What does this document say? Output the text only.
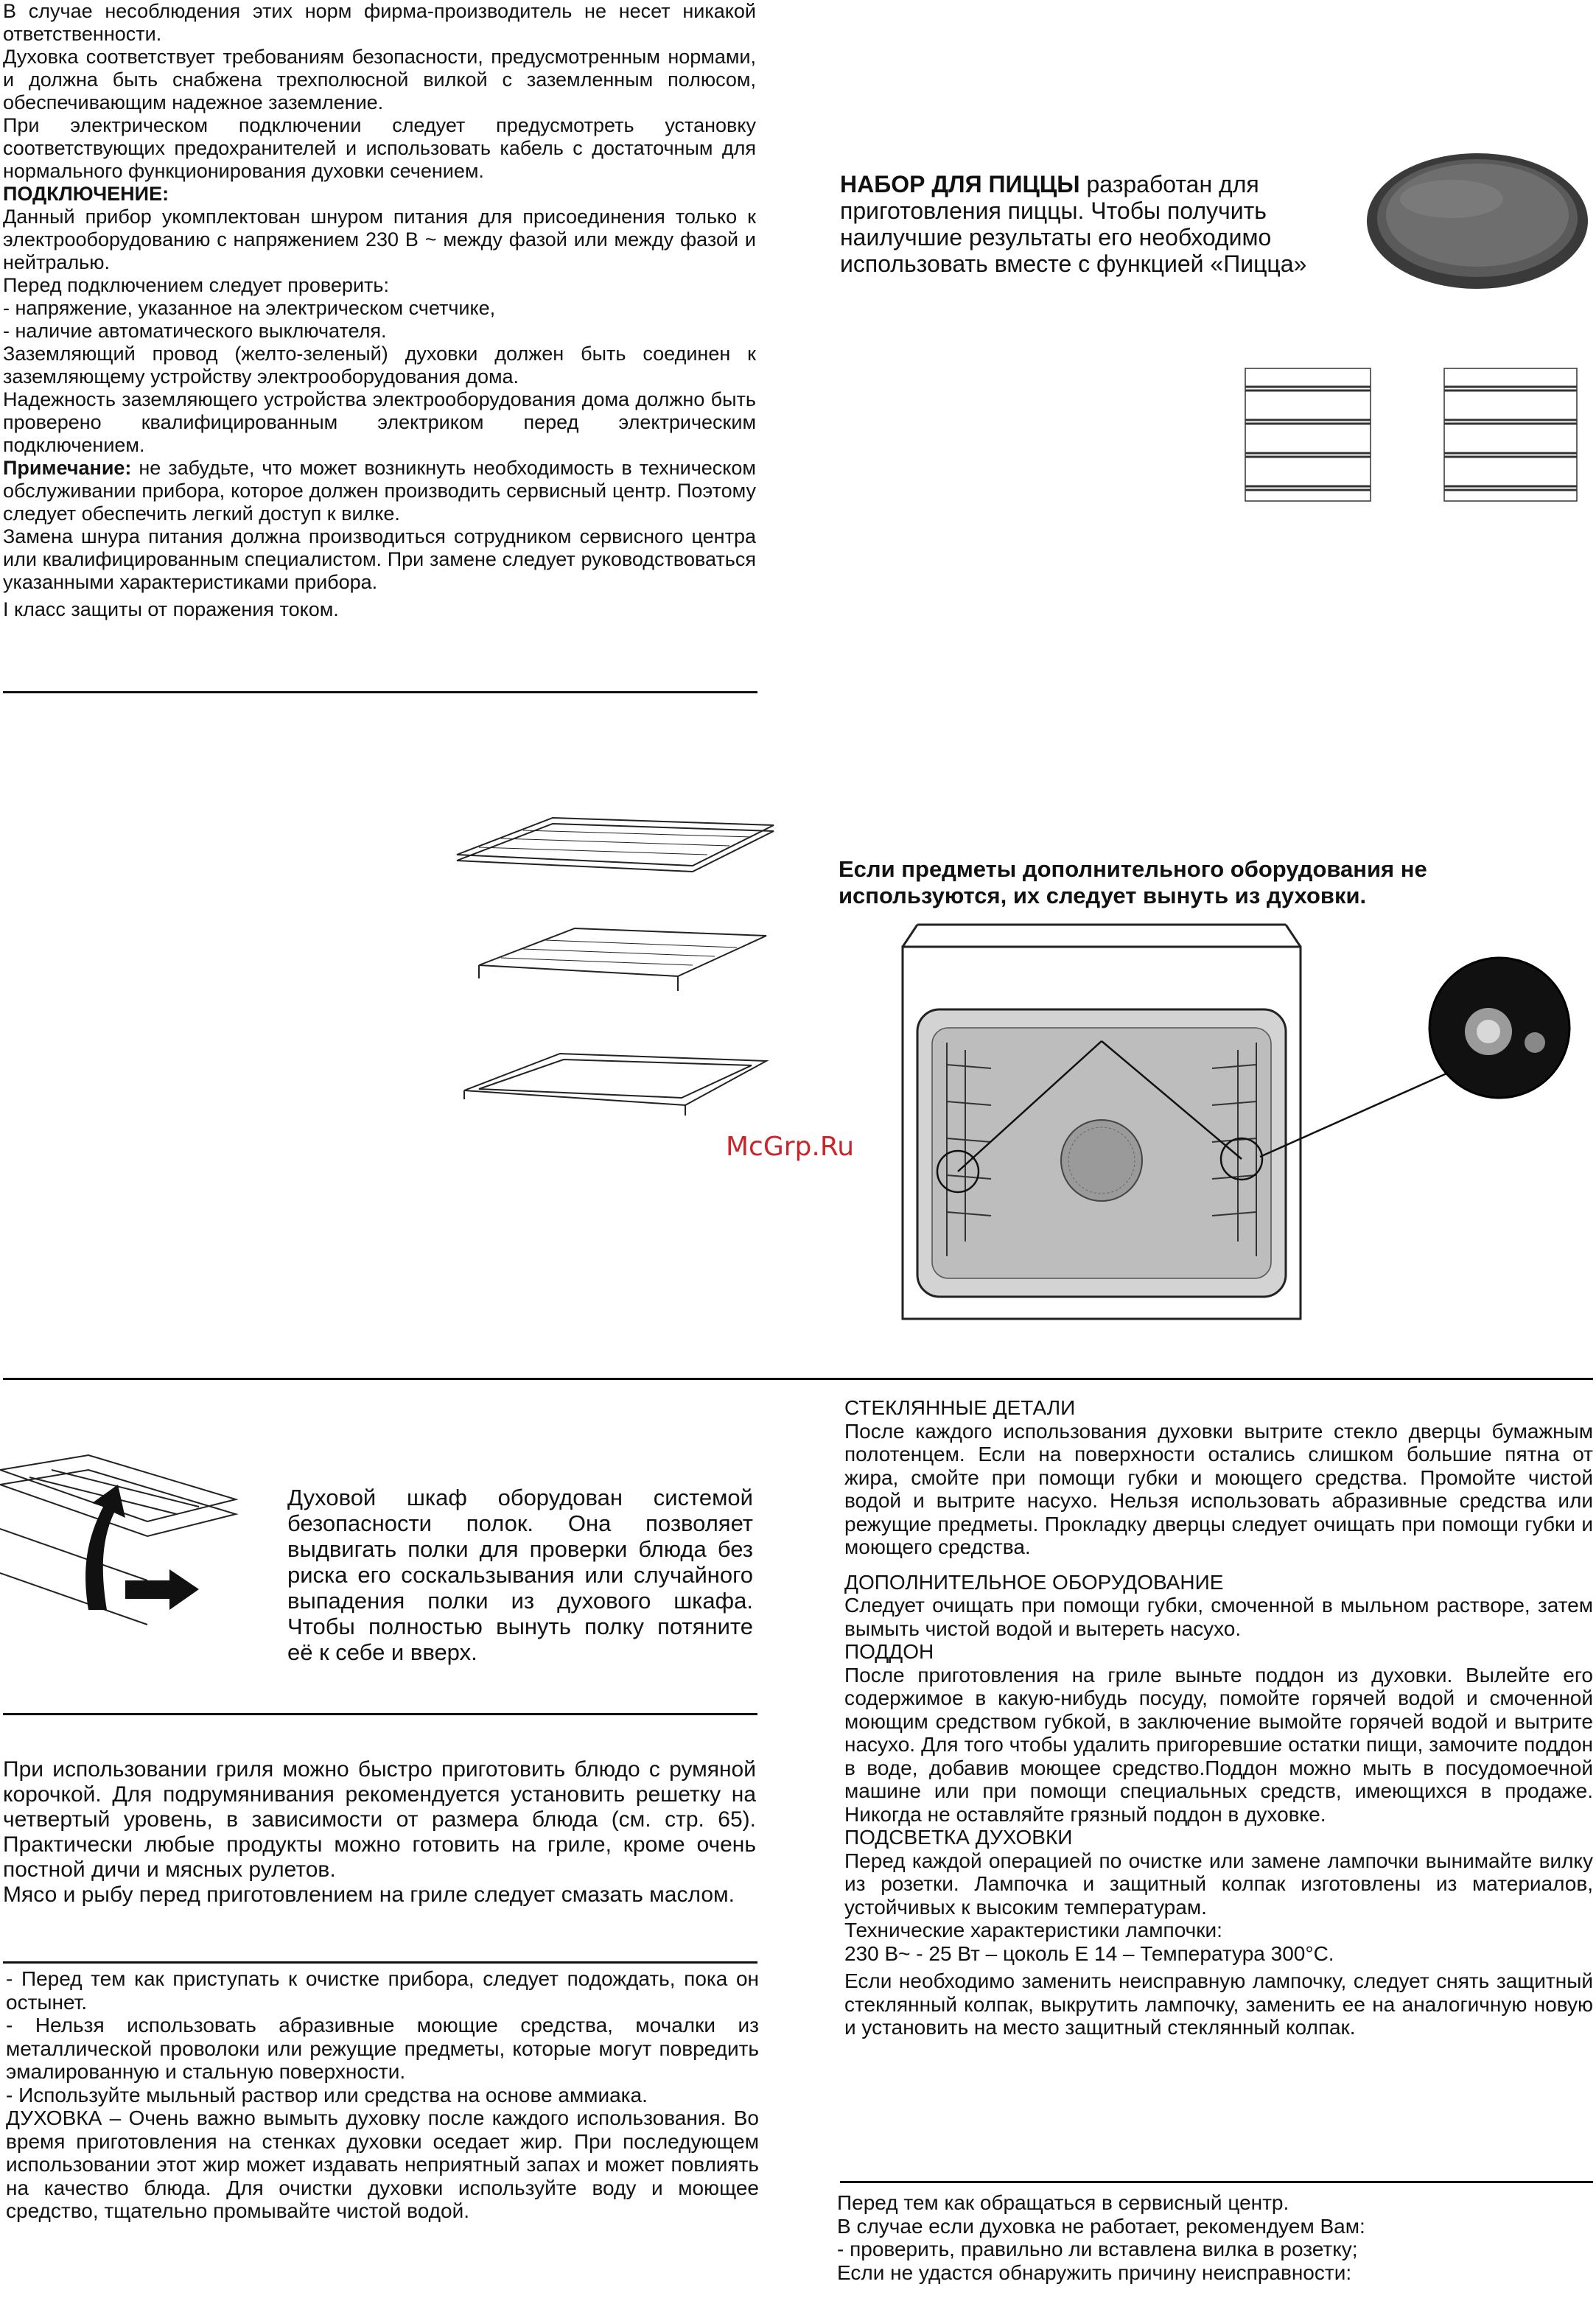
В случае несоблюдения этих норм фирма-производитель не несет никакой ответственности.

Духовка соответствует требованиям безопасности, предусмотренным нормами, и должна быть снабжена трехполюсной вилкой с заземленным полюсом, обеспечивающим надежное заземление.

При электрическом подключении следует предусмотреть установку соответствующих предохранителей и использовать кабель с достаточным для нормального функционирования духовки сечением.

ПОДКЛЮЧЕНИЕ:

Данный прибор укомплектован шнуром питания для присоединения только к электрооборудованию с напряжением 230 В ~ между фазой или между фазой и нейтралью.

Перед подключением следует проверить:

- напряжение, указанное на электрическом счетчике,

- наличие автоматического выключателя.

Заземляющий провод (желто-зеленый) духовки должен быть соединен к заземляющему устройству электрооборудования дома.

Надежность заземляющего устройства электрооборудования дома должно быть проверено квалифицированным электриком перед электрическим подключением.

Примечание: не забудьте, что может возникнуть необходимость в техническом обслуживании прибора, которое должен производить сервисный центр. Поэтому следует обеспечить легкий доступ к вилке.

Замена шнура питания должна производиться сотрудником сервисного центра или квалифицированным специалистом. При замене следует руководствоваться указанными характеристиками прибора.

I класс защиты от поражения током.

НАБОР ДЛЯ ПИЦЦЫ разработан для приготовления пиццы. Чтобы получить наилучшие результаты его необходимо использовать вместе с функцией «Пицца»
Если предметы дополнительного оборудования не используются, их следует вынуть из духовки.
McGrp.Ru
Духовой шкаф оборудован системой безопасности полок. Она позволяет выдвигать полки для проверки блюда без риска его соскальзывания или случайного выпадения полки из духового шкафа. Чтобы полностью вынуть полку потяните её к себе и вверх.

При использовании гриля можно быстро приготовить блюдо с румяной корочкой. Для подрумянивания рекомендуется установить решетку на четвертый уровень, в зависимости от размера блюда (см. стр. 65). Практически любые продукты можно готовить на гриле, кроме очень постной дичи и мясных рулетов.

Мясо и рыбу перед приготовлением на гриле следует смазать маслом.

- Перед тем как приступать к очистке прибора, следует подождать, пока он остынет.

- Нельзя использовать абразивные моющие средства, мочалки из металлической проволоки или режущие предметы, которые могут повредить эмалированную и стальную поверхности.

- Используйте мыльный раствор или средства на основе аммиака.

ДУХОВКА – Очень важно вымыть духовку после каждого использования. Во время приготовления на стенках духовки оседает жир. При последующем использовании этот жир может издавать неприятный запах и может повлиять на качество блюда. Для очистки духовки используйте воду и моющее средство, тщательно промывайте чистой водой.

СТЕКЛЯННЫЕ ДЕТАЛИ

После каждого использования духовки вытрите стекло дверцы бумажным полотенцем. Если на поверхности остались слишком большие пятна от жира, смойте при помощи губки и моющего средства. Промойте чистой водой и вытрите насухо. Нельзя использовать абразивные средства или режущие предметы. Прокладку дверцы следует очищать при помощи губки и моющего средства.

ДОПОЛНИТЕЛЬНОЕ ОБОРУДОВАНИЕ

Следует очищать при помощи губки, смоченной в мыльном растворе, затем вымыть чистой водой и вытереть насухо.

ПОДДОН

После приготовления на гриле выньте поддон из духовки. Вылейте его содержимое в какую-нибудь посуду, помойте горячей водой и смоченной моющим средством губкой, в заключение вымойте горячей водой и вытрите насухо. Для того чтобы удалить пригоревшие остатки пищи, замочите поддон в воде, добавив моющее средство.Поддон можно мыть в посудомоечной машине или при помощи специальных средств, имеющихся в продаже. Никогда не оставляйте грязный поддон в духовке.

ПОДСВЕТКА ДУХОВКИ

Перед каждой операцией по очистке или замене лампочки вынимайте вилку из розетки. Лампочка и защитный колпак изготовлены из материалов, устойчивых к высоким температурам.

Технические характеристики лампочки:

230 В~ - 25 Вт – цоколь Е 14 – Температура 300°С.

Если необходимо заменить неисправную лампочку, следует снять защитный стеклянный колпак, выкрутить лампочку, заменить ее на аналогичную новую и установить на место защитный стеклянный колпак.

Перед тем как обращаться в сервисный центр.

В случае если духовка не работает, рекомендуем Вам:

- проверить, правильно ли вставлена вилка в розетку;

Если не удастся обнаружить причину неисправности:
